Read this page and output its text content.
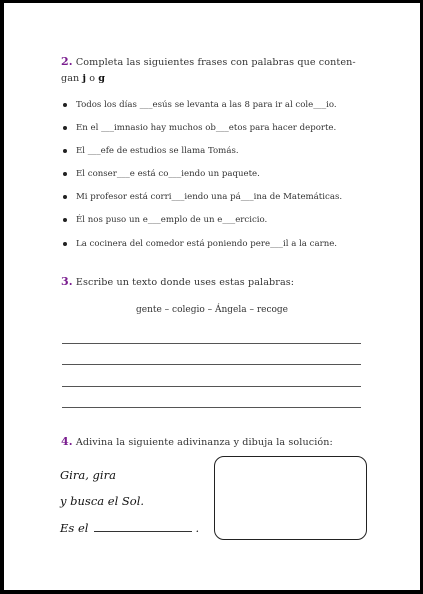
2. Completa las siguientes frases con palabras que conten-
gan j o g
Todos los días ___esús se levanta a las 8 para ir al cole___io.
En el ___imnasio hay muchos ob___etos para hacer deporte.
El ___efe de estudios se llama Tomás.
El conser___e está co___iendo un paquete.
Mi profesor está corri___iendo una pá___ina de Matemáticas.
Él nos puso un e___emplo de un e___ercicio.
La cocinera del comedor está poniendo pere___il a la carne.
3. Escribe un texto donde uses estas palabras:
gente – colegio – Ángela – recoge
4. Adivina la siguiente adivinanza y dibuja la solución:
Gira, gira
y busca el Sol.
Es el	.
